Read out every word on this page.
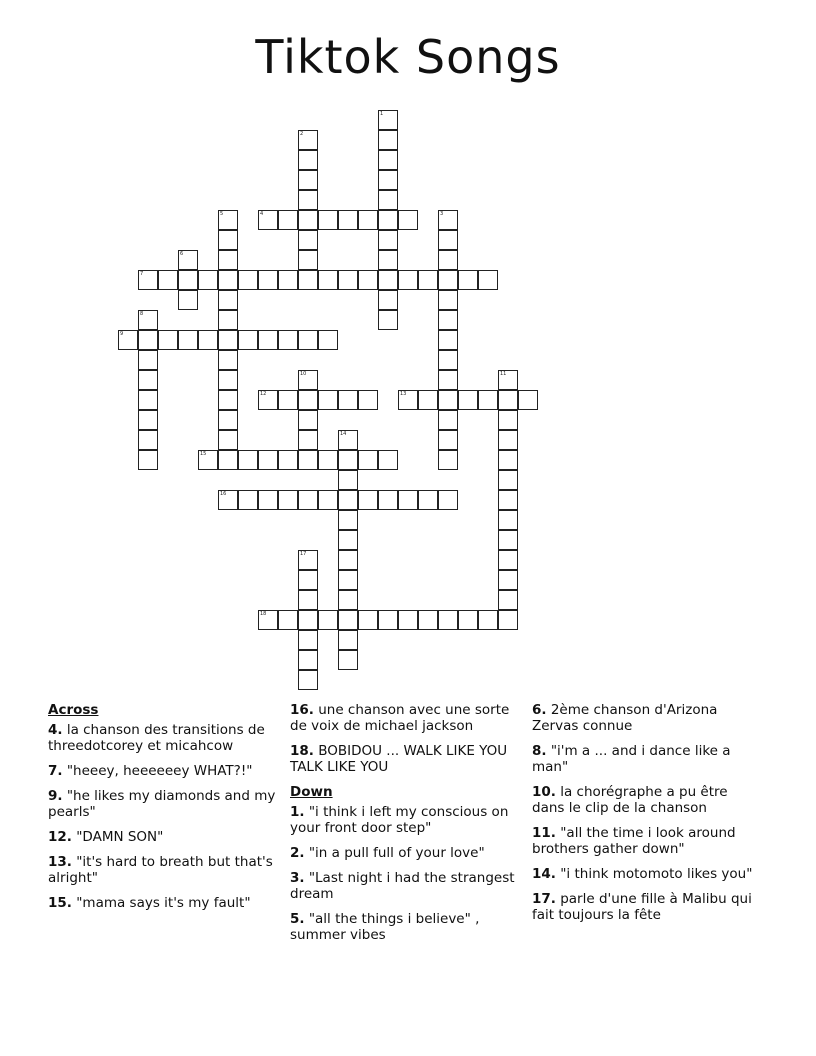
Tiktok Songs
9
8
7
6
5	4
2
1
3
12	13
10	11
15
14
16
17
18
Across
4. la chanson des transitions de threedotcorey et micahcow
7. "heeey, heeeeeey WHAT?!"
9. "he likes my diamonds and my pearls"
12. "DAMN SON"
13. "it's hard to breath but that's alright"
15. "mama says it's my fault"
16. une chanson avec une sorte de voix de michael jackson
18. BOBIDOU ... WALK LIKE YOU TALK LIKE YOU
Down
1. "i think i left my conscious on your front door step"
2. "in a pull full of your love"
3. "Last night i had the strangest dream
5. "all the things i believe" , summer vibes
6. 2ème chanson d'Arizona Zervas connue
8. "i'm a ... and i dance like a man"
10. la chorégraphe a pu être dans le clip de la chanson
11. "all the time i look around brothers gather down"
14. "i think motomoto likes you"
17. parle d'une fille à Malibu qui fait toujours la fête
